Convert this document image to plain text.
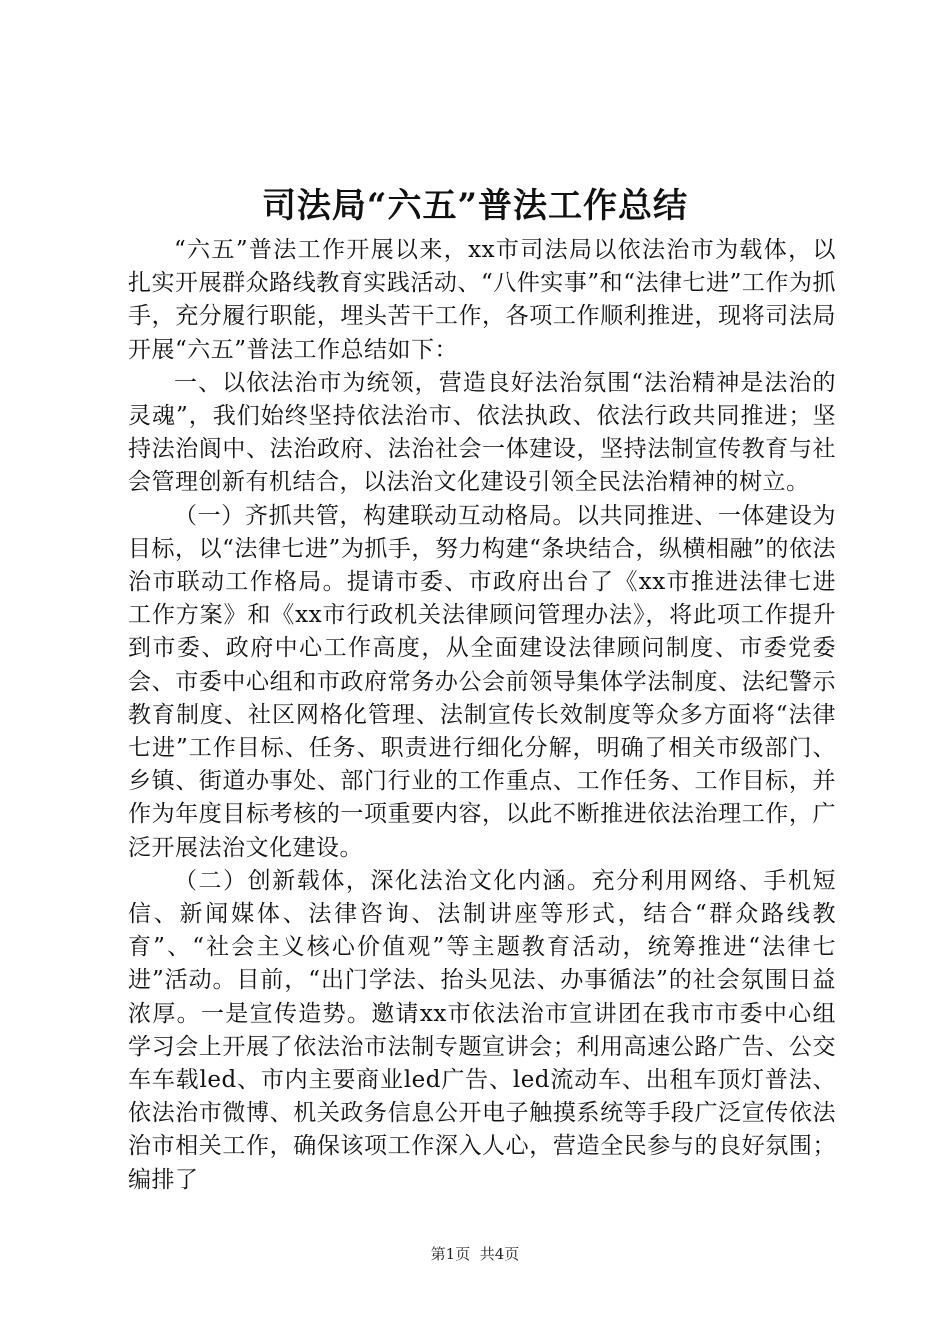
司法局“六五”普法工作总结

“六五”普法工作开展以来，xx市司法局以依法治市为载体，以扎实开展群众路线教育实践活动、“八件实事”和“法律七进”工作为抓手，充分履行职能，埋头苦干工作，各项工作顺利推进，现将司法局开展“六五”普法工作总结如下：

一、以依法治市为统领，营造良好法治氛围“法治精神是法治的灵魂”，我们始终坚持依法治市、依法执政、依法行政共同推进；坚持法治阆中、法治政府、法治社会一体建设，坚持法制宣传教育与社会管理创新有机结合，以法治文化建设引领全民法治精神的树立。

（一）齐抓共管，构建联动互动格局。以共同推进、一体建设为目标，以“法律七进”为抓手，努力构建“条块结合，纵横相融”的依法治市联动工作格局。提请市委、市政府出台了《xx市推进法律七进工作方案》和《xx市行政机关法律顾问管理办法》，将此项工作提升到市委、政府中心工作高度，从全面建设法律顾问制度、市委党委会、市委中心组和市政府常务办公会前领导集体学法制度、法纪警示教育制度、社区网格化管理、法制宣传长效制度等众多方面将“法律七进”工作目标、任务、职责进行细化分解，明确了相关市级部门、乡镇、街道办事处、部门行业的工作重点、工作任务、工作目标，并作为年度目标考核的一项重要内容，以此不断推进依法治理工作，广泛开展法治文化建设。

（二）创新载体，深化法治文化内涵。充分利用网络、手机短信、新闻媒体、法律咨询、法制讲座等形式，结合“群众路线教育”、“社会主义核心价值观”等主题教育活动，统筹推进“法律七进”活动。目前，“出门学法、抬头见法、办事循法”的社会氛围日益浓厚。一是宣传造势。邀请xx市依法治市宣讲团在我市市委中心组学习会上开展了依法治市法制专题宣讲会；利用高速公路广告、公交车车载led、市内主要商业led广告、led流动车、出租车顶灯普法、依法治市微博、机关政务信息公开电子触摸系统等手段广泛宣传依法治市相关工作，确保该项工作深入人心，营造全民参与的良好氛围；编排了

第1页 共4页
